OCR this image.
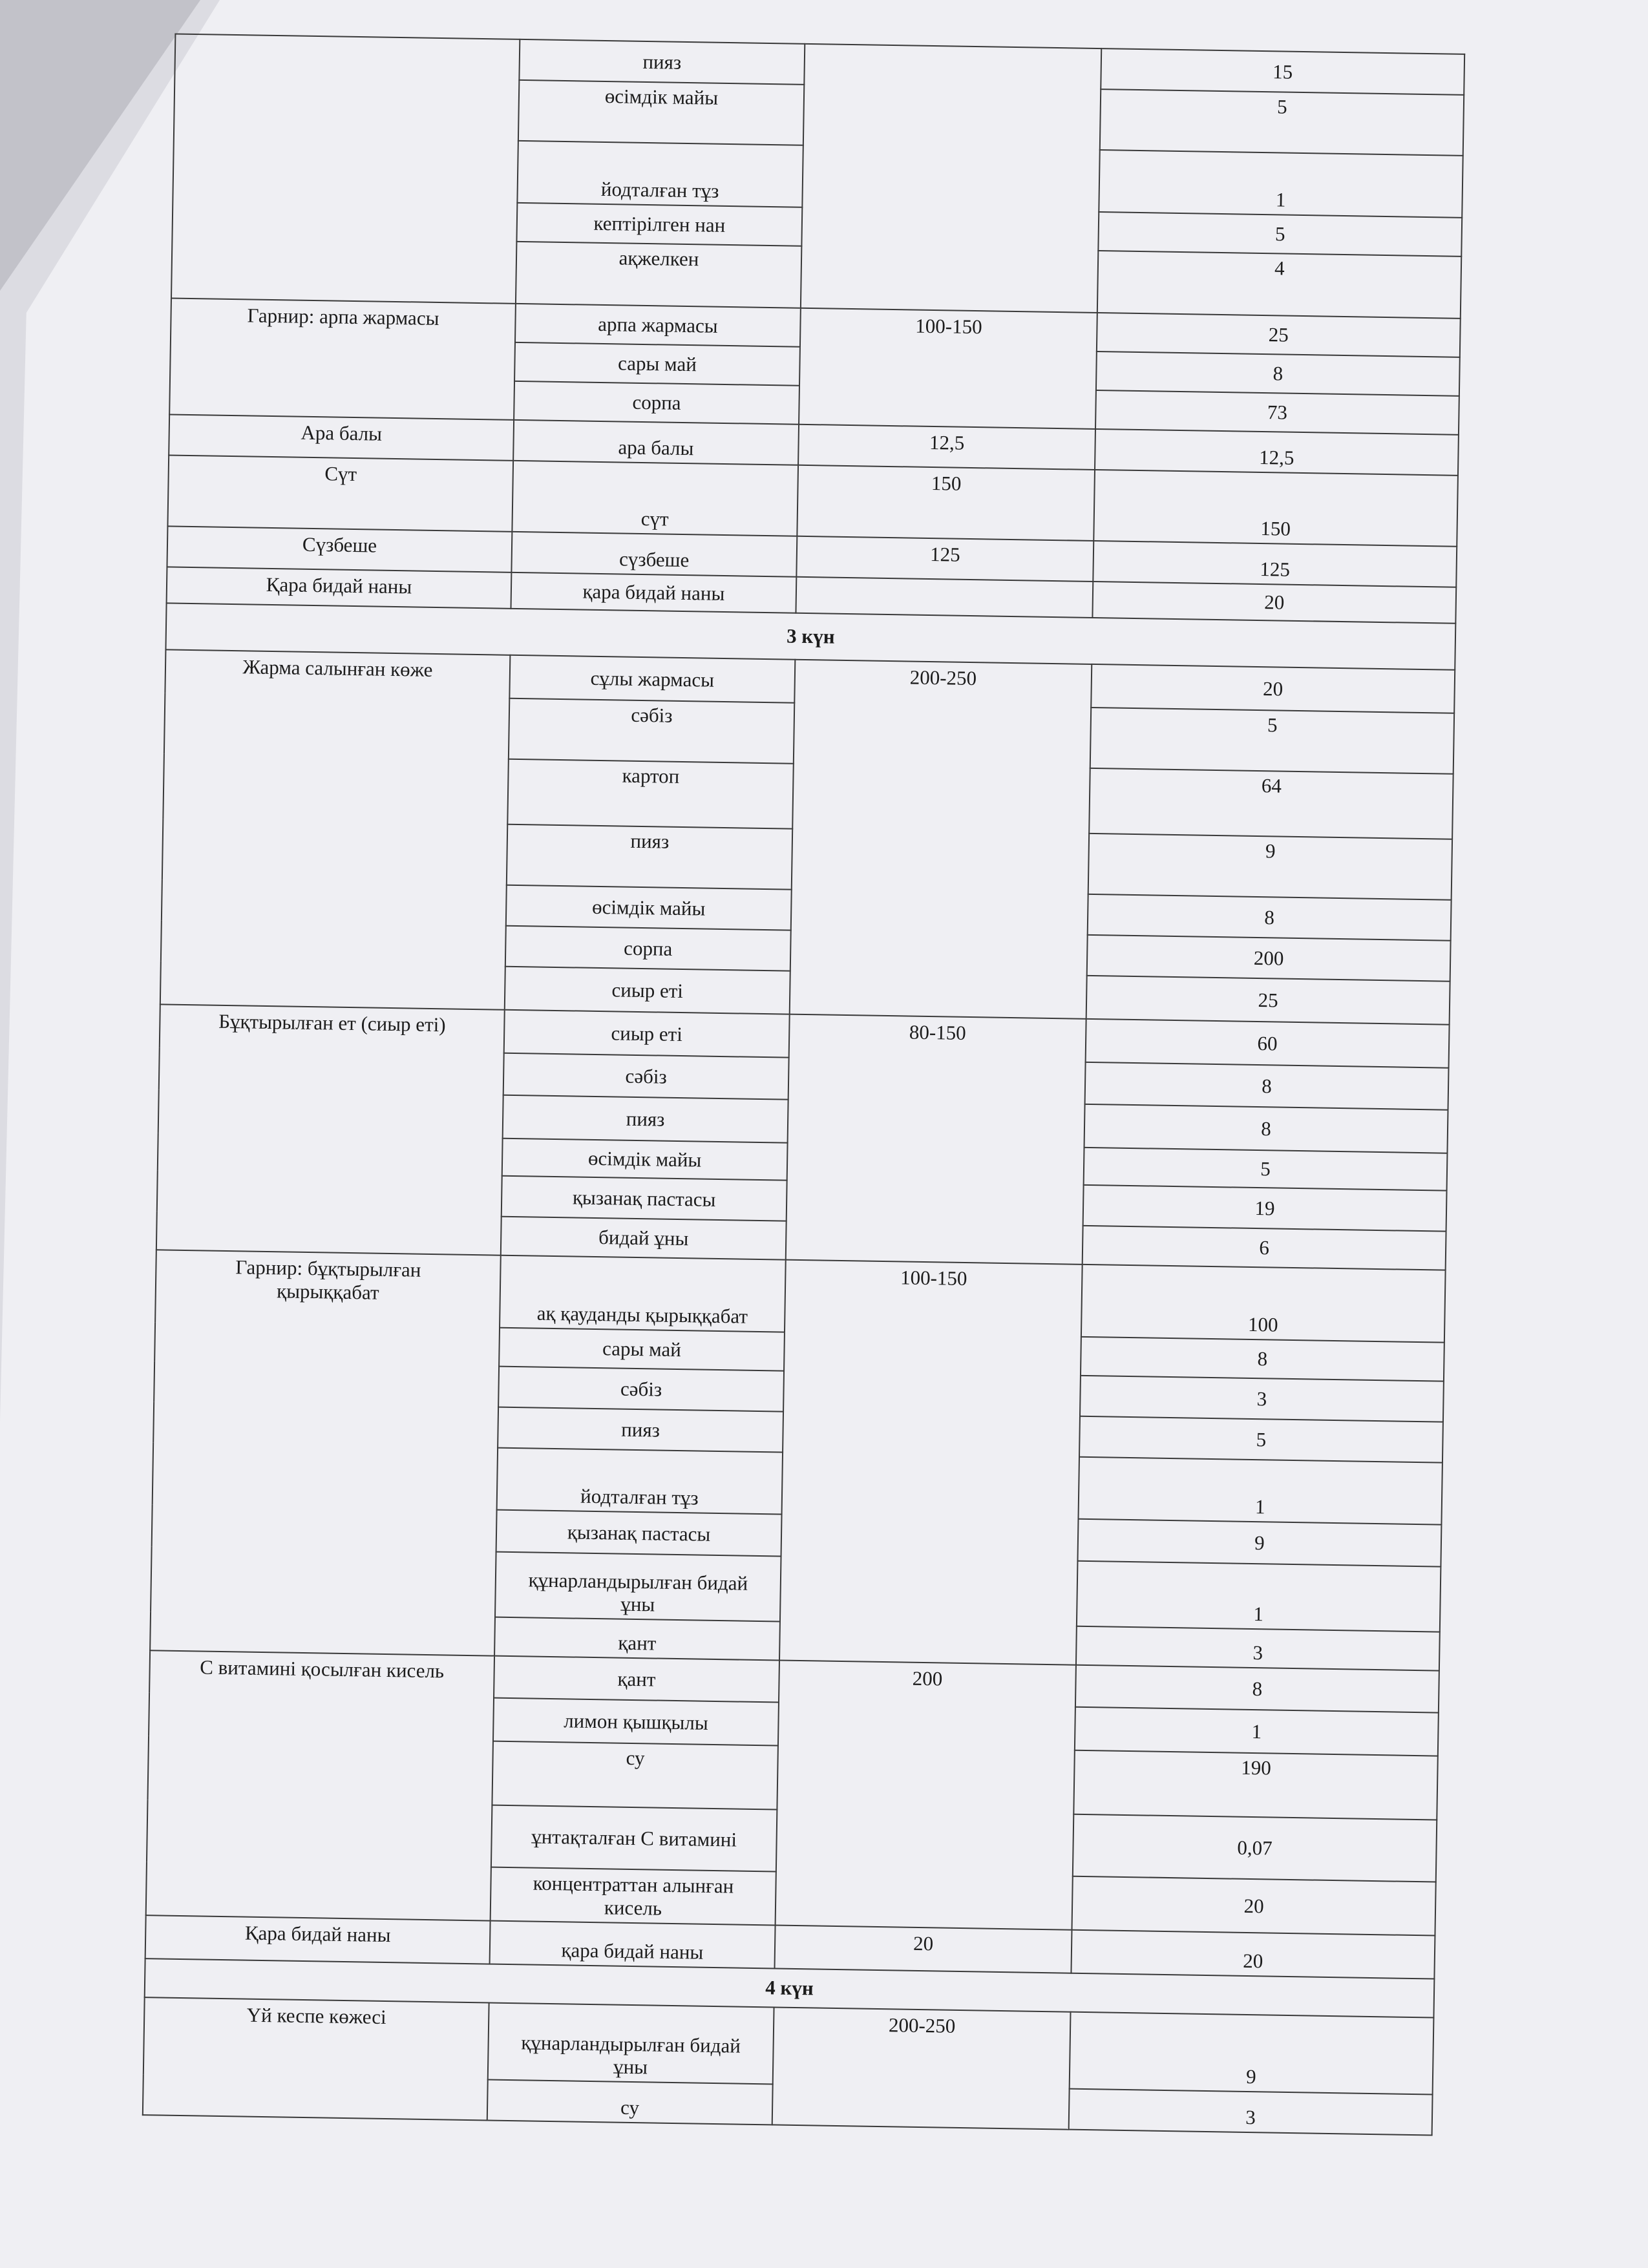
	пияз		15

	өсімдік майы		5

	йодталған тұз		1

	кептірілген нан		5

	ақжелкен		4

Гарнир: арпа жармасы	арпа жармасы	100-150	25

	сары май		8

	сорпа		73

Ара балы	ара балы	12,5	12,5

Сүт	сүт	150	150

Сүзбеше	сүзбеше	125	125

Қара бидай наны	қара бидай наны		20

3 күн			

Жарма салынған көже	сұлы жармасы	200-250	20

	сәбіз		5

	картоп		64

	пияз		9

	өсімдік майы		8

	сорпа		200

	сиыр еті		25

Бұқтырылған ет (сиыр еті)	сиыр еті	80-150	60

	сәбіз		8

	пияз		8

	өсімдік майы		5

	қызанақ пастасы		19

	бидай ұны		6

Гарнир: бұқтырылған қырыққабат	ақ қауданды қырыққабат	100-150	100

	сары май		8

	сәбіз		3

	пияз		5

	йодталған тұз		1

	қызанақ пастасы		9

	құнарландырылған бидай ұны		1

	қант		3

С витамині қосылған кисель	қант	200	8

	лимон қышқылы		1

	су		190

	ұнтақталған С витамині		0,07

	концентраттан алынған кисель		20

Қара бидай наны	қара бидай наны	20	20

4 күн			

Үй кеспе көжесі	құнарландырылған бидай ұны	200-250	9

	су		3
